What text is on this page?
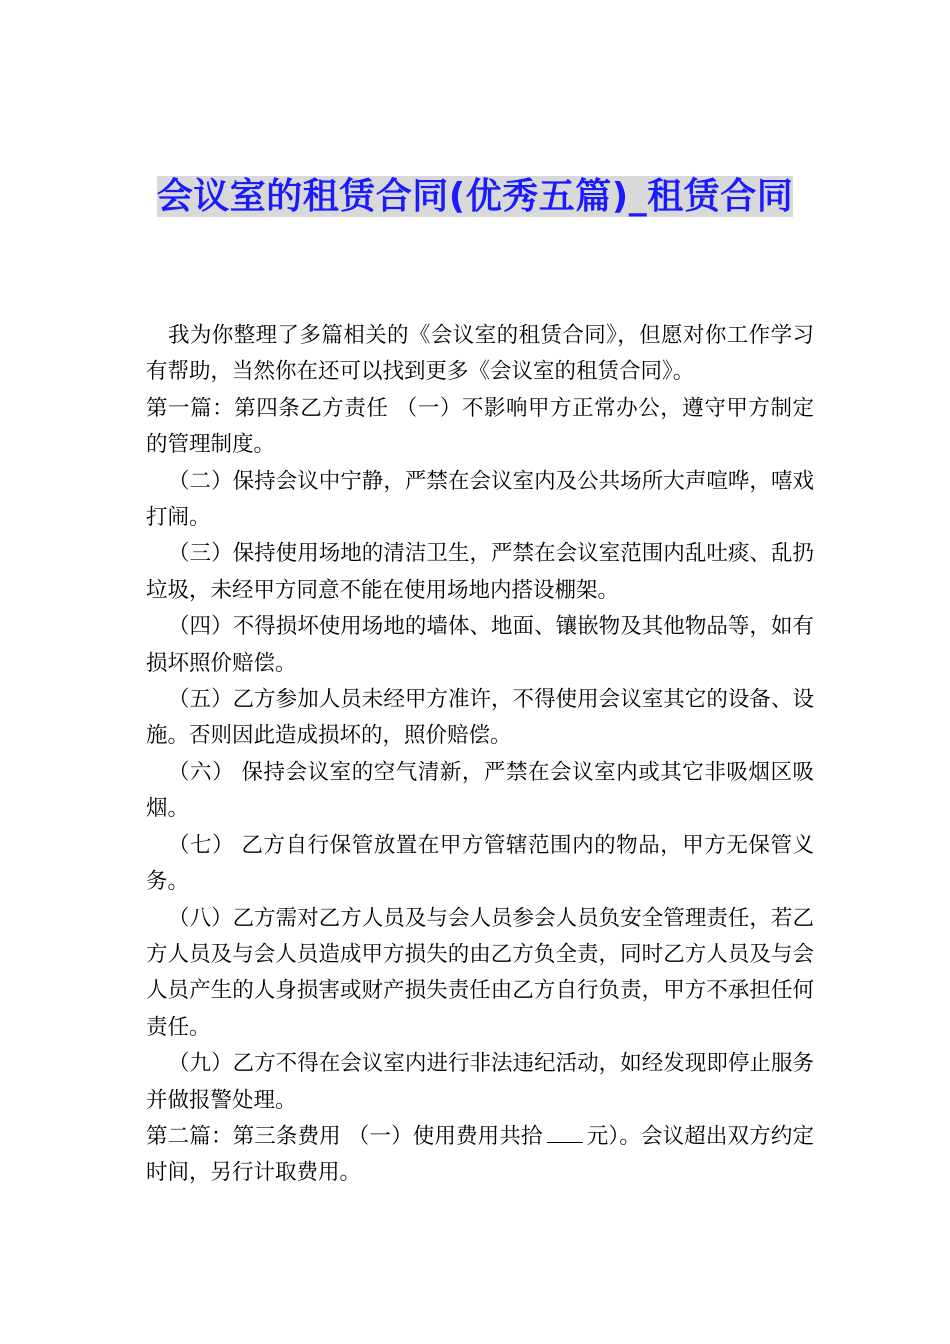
会议室的租赁合同(优秀五篇)_租赁合同

我为你整理了多篇相关的《会议室的租赁合同》，但愿对你工作学习有帮助，当然你在还可以找到更多《会议室的租赁合同》。

第一篇：第四条乙方责任 （一）不影响甲方正常办公，遵守甲方制定的管理制度。

（二）保持会议中宁静，严禁在会议室内及公共场所大声喧哗，嘻戏打闹。

（三）保持使用场地的清洁卫生，严禁在会议室范围内乱吐痰、乱扔垃圾，未经甲方同意不能在使用场地内搭设棚架。

（四）不得损坏使用场地的墙体、地面、镶嵌物及其他物品等，如有损坏照价赔偿。

（五）乙方参加人员未经甲方准许，不得使用会议室其它的设备、设施。否则因此造成损坏的，照价赔偿。

（六） 保持会议室的空气清新，严禁在会议室内或其它非吸烟区吸烟。

（七） 乙方自行保管放置在甲方管辖范围内的物品，甲方无保管义务。

（八）乙方需对乙方人员及与会人员参会人员负安全管理责任，若乙方人员及与会人员造成甲方损失的由乙方负全责，同时乙方人员及与会人员产生的人身损害或财产损失责任由乙方自行负责，甲方不承担任何责任。

（九）乙方不得在会议室内进行非法违纪活动，如经发现即停止服务并做报警处理。

第二篇：第三条费用 （一）使用费用共拾 元）。会议超出双方约定时间，另行计取费用。
